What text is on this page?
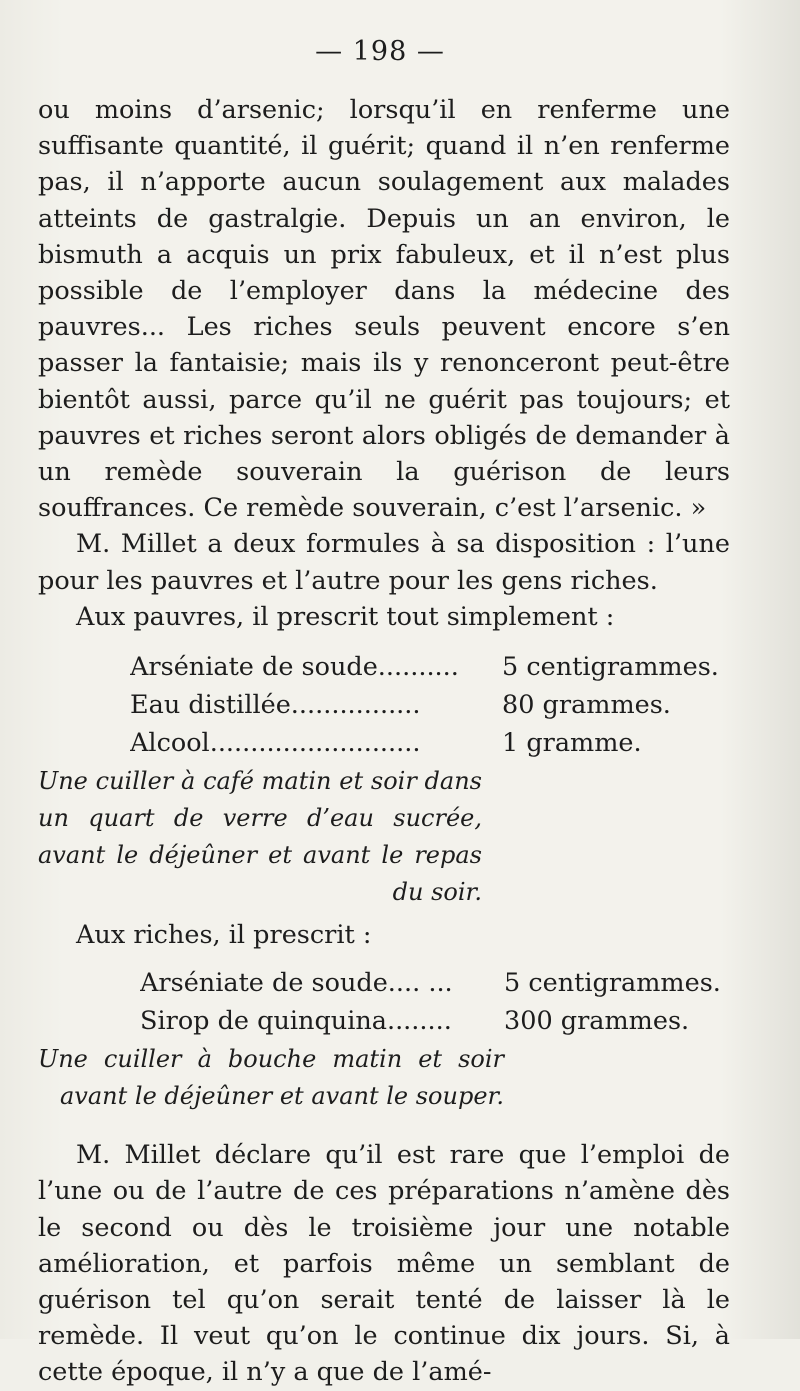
— 198 —

ou moins d’arsenic; lorsqu’il en renferme une suffisante quantité, il guérit; quand il n’en renferme pas, il n’apporte aucun soulagement aux malades atteints de gastralgie. Depuis un an environ, le bismuth a acquis un prix fabuleux, et il n’est plus possible de l’employer dans la médecine des pauvres... Les riches seuls peuvent encore s’en passer la fantaisie; mais ils y renonceront peut-être bientôt aussi, parce qu’il ne guérit pas toujours; et pauvres et riches seront alors obligés de demander à un remède souverain la guérison de leurs souffrances. Ce remède souverain, c’est l’arsenic. »

M. Millet a deux formules à sa disposition : l’une pour les pauvres et l’autre pour les gens riches.

Aux pauvres, il prescrit tout simplement :

Arséniate de soude..........	5 centigrammes.
Eau distillée................	80 grammes.
Alcool..........................	1 gramme.

Une cuiller à café matin et soir dans un quart de verre d’eau sucrée, avant le déjeûner et avant le repas du soir.

Aux riches, il prescrit :

Arséniate de soude.... ...	5 centigrammes.
Sirop de quinquina........	300 grammes.

Une cuiller à bouche matin et soir avant le déjeûner et avant le souper.

M. Millet déclare qu’il est rare que l’emploi de l’une ou de l’autre de ces préparations n’amène dès le second ou dès le troisième jour une notable amélioration, et parfois même un semblant de guérison tel qu’on serait tenté de laisser là le remède. Il veut qu’on le continue dix jours. Si, à cette époque, il n’y a que de l’amé-
